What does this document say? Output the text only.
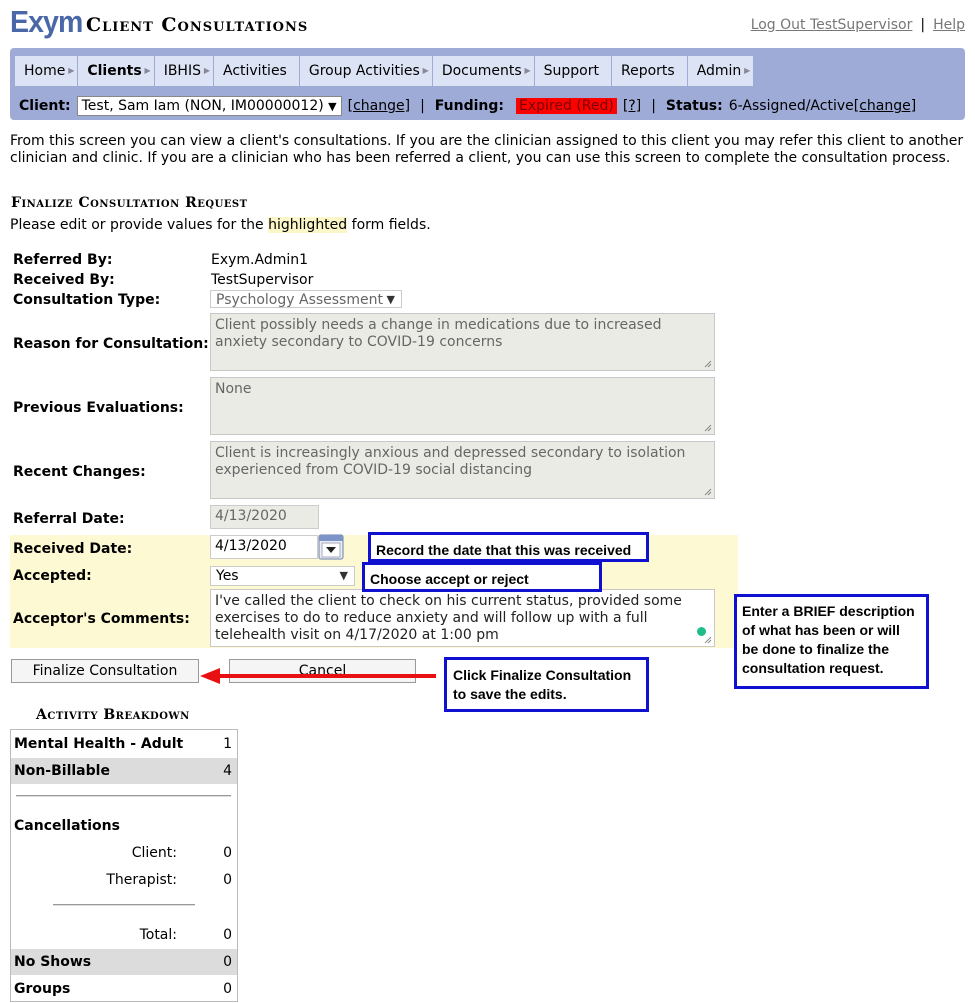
Exym Client Consultations	Log Out TestSupervisor | Help
Home ▶ Clients ▶ IBHIS ▶ Activities	Group Activities ▶ Documents ▶ Support	Reports	Admin ▶
Client: Test, Sam Iam (NON, IM00000012) ▼ [change] | Funding: Expired (Red) [?] | Status: 6-Assigned/Active [change]
From this screen you can view a client's consultations. If you are the clinician assigned to this client you may refer this client to another clinician and clinic. If you are a clinician who has been referred a client, you can use this screen to complete the consultation process.
Finalize Consultation Request
Please edit or provide values for the highlighted form fields.
Referred By:	Exym.Admin1
Received By:	TestSupervisor
Consultation Type:	Psychology Assessment ▼
Reason for Consultation:
Client possibly needs a change in medications due to increased anxiety secondary to COVID-19 concerns
Previous Evaluations:
None
Recent Changes:
Client is increasingly anxious and depressed secondary to isolation experienced from COVID-19 social distancing
Referral Date:	4/13/2020
Received Date:	4/13/2020
Accepted:	Yes	▼
Acceptor's Comments:
I've called the client to check on his current status, provided some exercises to do to reduce anxiety and will follow up with a full telehealth visit on 4/17/2020 at 1:00 pm
Finalize Consultation	Cancel
Record the date that this was received
Choose accept or reject
Enter a BRIEF description of what has been or will be done to finalize the consultation request.
Click Finalize Consultation to save the edits.
Activity Breakdown
Mental Health - Adult	1
Non-Billable	4
Cancellations
Client:	0
Therapist:	0
Total:	0
No Shows	0
Groups	0
